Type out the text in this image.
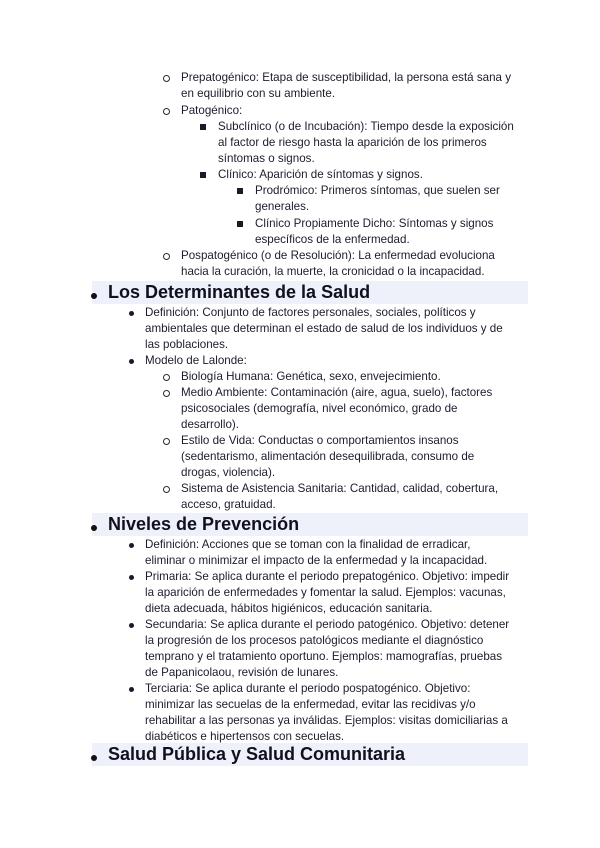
Prepatogénico: Etapa de susceptibilidad, la persona está sana y
en equilibrio con su ambiente.
Patogénico:
Subclínico (o de Incubación): Tiempo desde la exposición
al factor de riesgo hasta la aparición de los primeros
síntomas o signos.
Clínico: Aparición de síntomas y signos.
Prodrómico: Primeros síntomas, que suelen ser
generales.
Clínico Propiamente Dicho: Síntomas y signos
específicos de la enfermedad.
Pospatogénico (o de Resolución): La enfermedad evoluciona
hacia la curación, la muerte, la cronicidad o la incapacidad.
Los Determinantes de la Salud
Definición: Conjunto de factores personales, sociales, políticos y
ambientales que determinan el estado de salud de los individuos y de
las poblaciones.
Modelo de Lalonde:
Biología Humana: Genética, sexo, envejecimiento.
Medio Ambiente: Contaminación (aire, agua, suelo), factores
psicosociales (demografía, nivel económico, grado de
desarrollo).
Estilo de Vida: Conductas o comportamientos insanos
(sedentarismo, alimentación desequilibrada, consumo de
drogas, violencia).
Sistema de Asistencia Sanitaria: Cantidad, calidad, cobertura,
acceso, gratuidad.
Niveles de Prevención
Definición: Acciones que se toman con la finalidad de erradicar,
eliminar o minimizar el impacto de la enfermedad y la incapacidad.
Primaria: Se aplica durante el periodo prepatogénico. Objetivo: impedir
la aparición de enfermedades y fomentar la salud. Ejemplos: vacunas,
dieta adecuada, hábitos higiénicos, educación sanitaria.
Secundaria: Se aplica durante el periodo patogénico. Objetivo: detener
la progresión de los procesos patológicos mediante el diagnóstico
temprano y el tratamiento oportuno. Ejemplos: mamografías, pruebas
de Papanicolaou, revisión de lunares.
Terciaria: Se aplica durante el periodo pospatogénico. Objetivo:
minimizar las secuelas de la enfermedad, evitar las recidivas y/o
rehabilitar a las personas ya inválidas. Ejemplos: visitas domiciliarias a
diabéticos e hipertensos con secuelas.
Salud Pública y Salud Comunitaria
